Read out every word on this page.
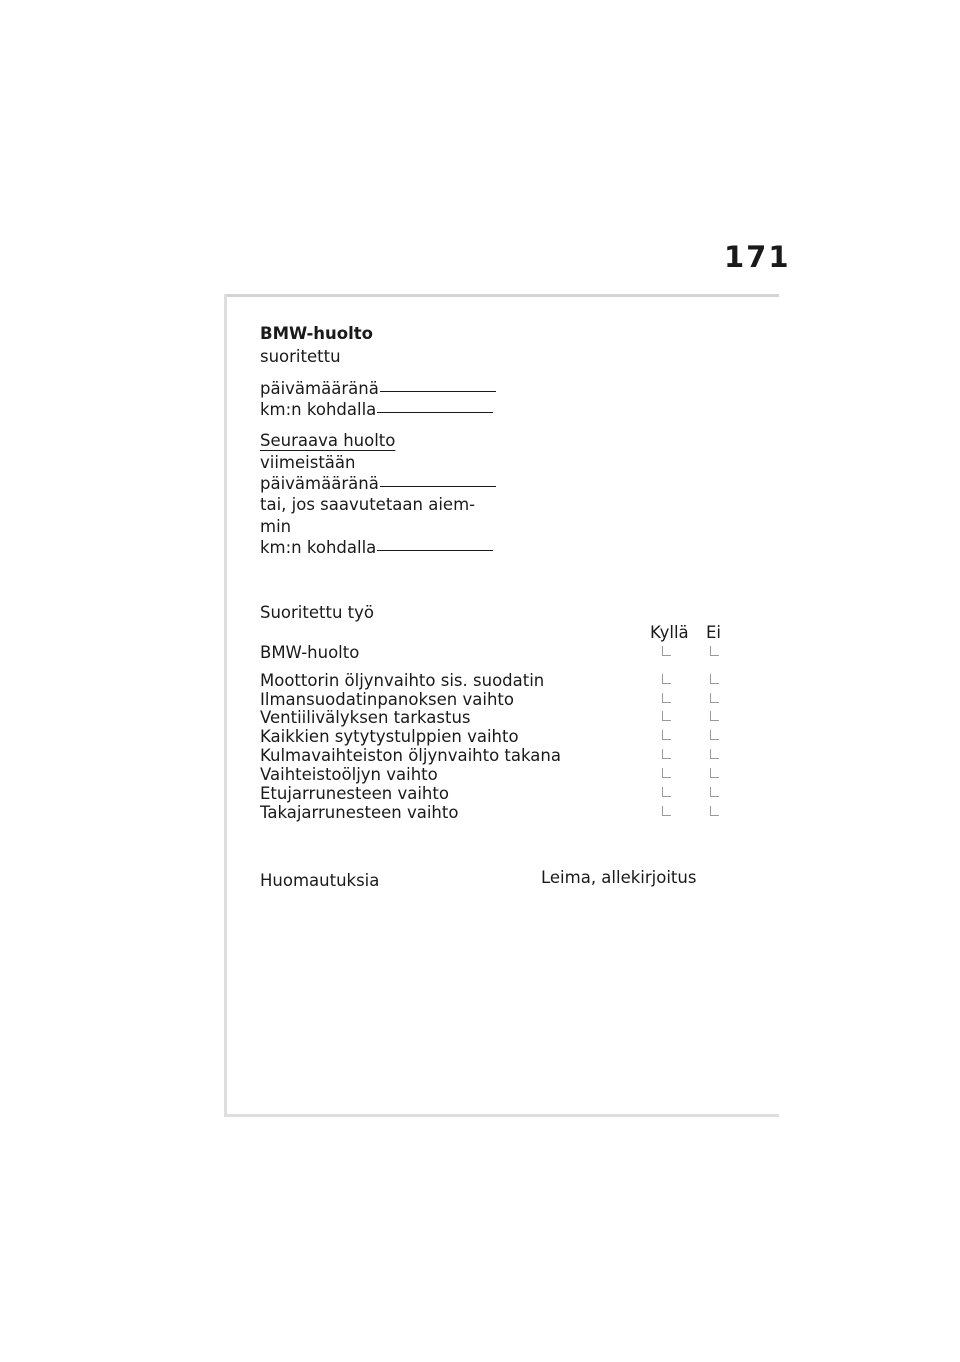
171
BMW-huolto
suoritettu
päivämääränä
km:n kohdalla
Seuraava huolto
viimeistään
päivämääränä
tai, jos saavutetaan aiem-
min
km:n kohdalla
Suoritettu työ
Kyllä Ei
BMW-huolto
Moottorin öljynvaihto sis. suodatin
Ilmansuodatinpanoksen vaihto
Ventiilivälyksen tarkastus
Kaikkien sytytystulppien vaihto
Kulmavaihteiston öljynvaihto takana
Vaihteistoöljyn vaihto
Etujarrunesteen vaihto
Takajarrunesteen vaihto
Huomautuksia	Leima, allekirjoitus
